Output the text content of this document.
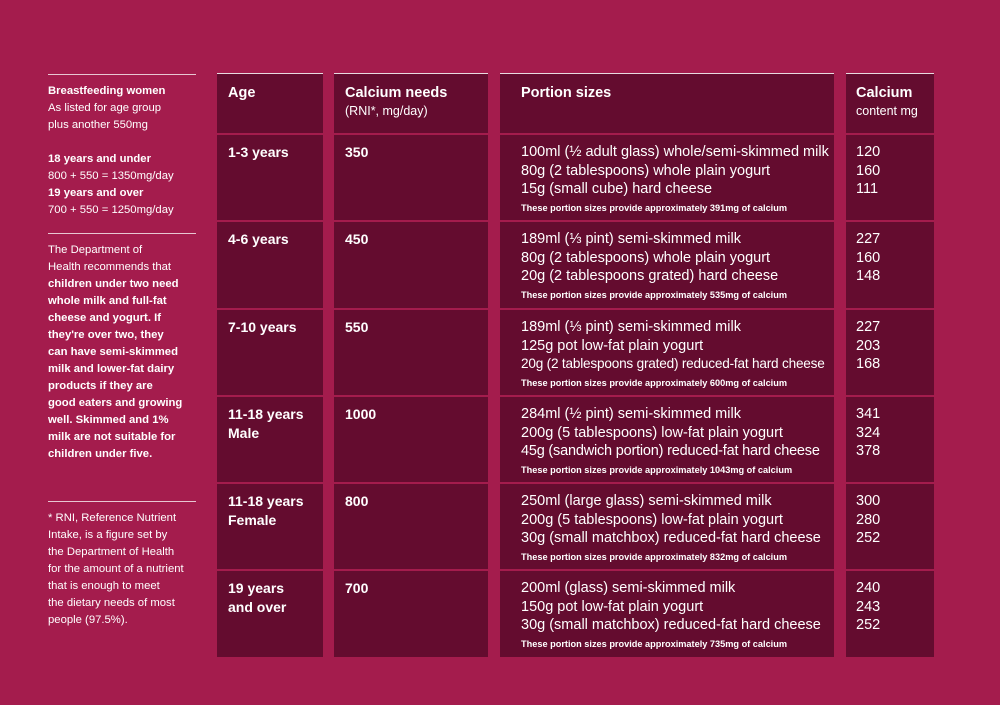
Breastfeeding women

As listed for age group

plus another 550mg

18 years and under

800 + 550 = 1350mg/day

19 years and over

700 + 550 = 1250mg/day

The Department of

Health recommends that

children under two need

whole milk and full-fat

cheese and yogurt. If

they're over two, they

can have semi-skimmed

milk and lower-fat dairy

products if they are

good eaters and growing

well. Skimmed and 1%

milk are not suitable for

children under five.

* RNI, Reference Nutrient

Intake, is a figure set by

the Department of Health

for the amount of a nutrient

that is enough to meet

the dietary needs of most

people (97.5%).

Age
1-3 years
4-6 years
7-10 years
11-18 years
Male
11-18 years
Female
19 years
and over
Calcium needs
(RNI*, mg/day)
350
450
550
1000
800
700
Portion sizes
100ml (½ adult glass) whole/semi-skimmed milk
80g (2 tablespoons) whole plain yogurt
15g (small cube) hard cheese
These portion sizes provide approximately 391mg of calcium
189ml (⅓ pint) semi-skimmed milk
80g (2 tablespoons) whole plain yogurt
20g (2 tablespoons grated) hard cheese
These portion sizes provide approximately 535mg of calcium
189ml (⅓ pint) semi-skimmed milk
125g pot low-fat plain yogurt
20g (2 tablespoons grated) reduced-fat hard cheese
These portion sizes provide approximately 600mg of calcium
284ml (½ pint) semi-skimmed milk
200g (5 tablespoons) low-fat plain yogurt
45g (sandwich portion) reduced-fat hard cheese
These portion sizes provide approximately 1043mg of calcium
250ml (large glass) semi-skimmed milk
200g (5 tablespoons) low-fat plain yogurt
30g (small matchbox) reduced-fat hard cheese
These portion sizes provide approximately 832mg of calcium
200ml (glass) semi-skimmed milk
150g pot low-fat plain yogurt
30g (small matchbox) reduced-fat hard cheese
These portion sizes provide approximately 735mg of calcium
Calcium
content mg
120
160
111
227
160
148
227
203
168
341
324
378
300
280
252
240
243
252
